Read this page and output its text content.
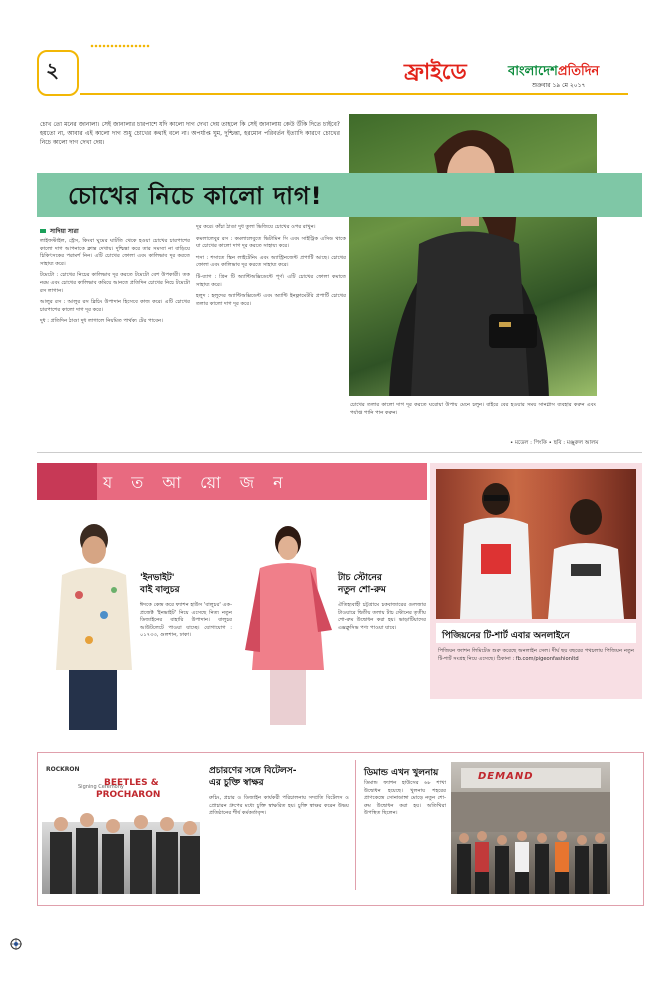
২	ফ্রাইডে	বাংলাদেশপ্রতিদিন
শুক্রবার ১৯ মে ২০১৭

চোখ তো মনের জানালা। সেই জানালার চারপাশে যদি কালো দাগ দেখা দেয় তাহলে কি সেই জানালায় কেউ উঁকি দিতে চাইবে? হয়তো না, আবার এই কালো দাগ শুধু চোখের কথাই বলে না। অপর্যাপ্ত ঘুম, দুশ্চিন্তা, হরমোন পরিবর্তন ইত্যাদি কারণে চোখের নিচে কালো দাগ দেখা দেয়।

চোখের নিচে কালো দাগ!
সাদিয়া সারা

লাইফস্টাইল, স্ট্রেস, কিংবা ঘুমের ঘাটতি থেকে হওয়া চোখের চারপাশের কালো দাগ আপনাকে ক্লান্ত দেখায়। দুশ্চিন্তা করে তার সমস্যা না বাড়িয়ে চিকিৎসকের পরামর্শ নিন। এটি চোখের ফোলা এবং কালিভাব দূর করতে সাহায্য করে।

টমেটো : চোখের নিচের কালিভাব দূর করতে টমেটো বেশ উপকারী। তক নরম এবং চোখের কালিভাব কমিয়ে আনতে প্রতিদিন চোখের নিচে টমেটো রস লাগান।

আলুর রস : আলুর রস ব্লিচিং উপাদান হিসেবে কাজ করে। এটি চোখের চারপাশের কালো দাগ দূর করে।

দুধ : প্রতিদিন ঠাণ্ডা দুধ লাগালে নিয়মিত পার্থক্য টের পাবেন।

দূর করে। কাঁচা ঠাণ্ডা দুধ তুলা ভিজিয়ে চোখের ওপর রাখুন।

কমলালেবুর রস : কমলালেবুতে ভিটামিন সি এবং সাইট্রিক এসিড থাকে যা চোখের কালো দাগ দূর করতে সাহায্য করে।

শসা : শসাতে স্কিন লাইটেনিং এবং অ্যাস্ট্রিনজেন্ট প্রপার্টি আছে। চোখের ফোলা এবং কালিভাব দূর করতে সাহায্য করে।

টি-ব্যাগ : গ্রিন টি অ্যান্টিঅক্সিডেন্টে পূর্ণ। এটি চোখের ফোলা কমাতে সাহায্য করে।

হলুদ : হলুদের অ্যান্টিঅক্সিডেন্ট এবং অ্যান্টি ইনফ্লামেটরি প্রপার্টি চোখের তলার কালো দাগ দূর করে।

চোখের তলার কালো দাগ দূর করতে ঘরোয়া উপায় মেনে চলুন। বাইরে বের হওয়ার সময় সানগ্লাস ব্যবহার করুন এবং পর্যাপ্ত পানি পান করুন।

• মডেল : পিংকি • ছবি : মঞ্জুরুল আলম
য ত আ য়ো জ ন
'ইনভাইট'
বাই বালুচর

ঈদকে কেন্দ্র করে ফ্যাশন হাউস 'বালুচর' এক-প্রজেক্ট 'ইনভাইট' নিয়ে এসেছে নিত্য নতুন ডিজাইনের বাহারি উপাদান। বালুচর আউটলেটে পাওয়া যাচ্ছে। যোগাযোগ : ০১৭৩৩, গুলশান, ঢাকা।

টাচ স্টোনের
নতুন শো-রুম

ঐতিহ্যবাহী চট্টগ্রামে চকবাজারের গুলজার টাওয়ারে দ্বিতীয় তলায় টাচ স্টোনের তৃতীয় শো-রুম উদ্বোধন করা হয়। ভাড়াটিয়াদের এক্সক্লুসিভ পণ্য পাওয়া যাবে।

পিজিয়নের টি-শার্ট এবার অনলাইনে

পিজিয়ন ফ্যাশন লিমিটেড শুরু করেছে অনলাইন সেল। দীর্ঘ ছয় বছরের পথচলায় পিজিয়ন নতুন টি-শার্ট সংগ্রহ নিয়ে এসেছে। ঠিকানা : fb.com/pigeonfashionltd

ROCKRON
Signing Ceremony
BEETLES &
PROCHARON
প্রচারণের সঙ্গে বিটেলস-
এর চুক্তি স্বাক্ষর

রুচিং, প্রচার ও ডিজাইন কার্যকরী পরিচালনায় সম্প্রতি বিটেলস ও প্রোচারন গ্রুপের মধ্যে চুক্তি স্বাক্ষরিত হয়। চুক্তি স্বাক্ষর করেন উভয় প্রতিষ্ঠানের শীর্ষ কর্মকর্তাবৃন্দ।

ডিমান্ড এখন খুলনায়

ডিমান্ড ফ্যাশন হাউসের ৬৮ শাখা উদ্বোধন হয়েছে। খুলনায় শহরের প্রাণকেন্দ্রে সোনাডাঙ্গা মোড়ে নতুন শো-রুম উদ্বোধন করা হয়। অতিথিরা উপস্থিত ছিলেন।

DEMAND
